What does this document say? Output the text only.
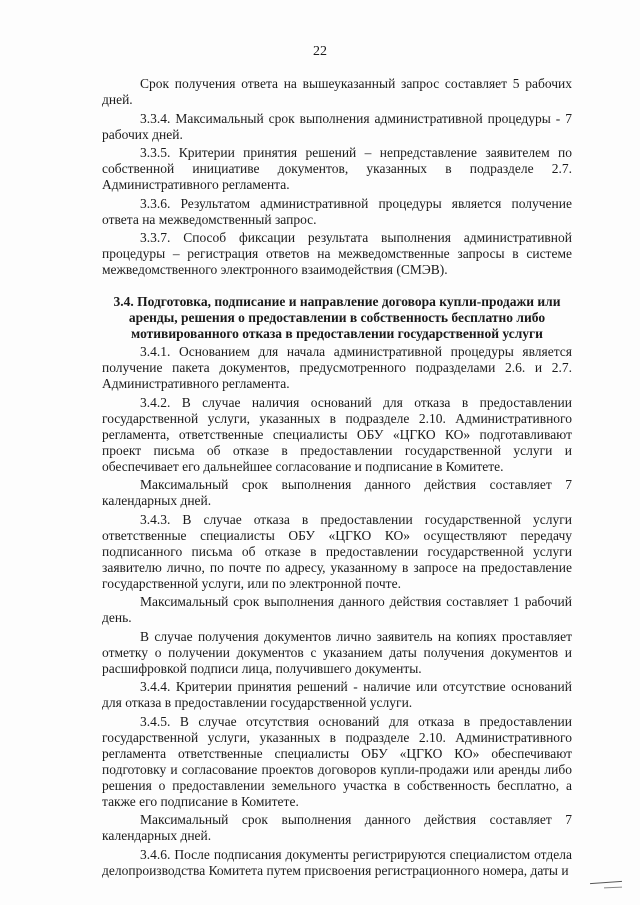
22

Срок получения ответа на вышеуказанный запрос составляет 5 рабочих дней.

3.3.4. Максимальный срок выполнения административной процедуры - 7 рабочих дней.

3.3.5. Критерии принятия решений – непредставление заявителем по собственной инициативе документов, указанных в подразделе 2.7. Административного регламента.

3.3.6. Результатом административной процедуры является получение ответа на межведомственный запрос.

3.3.7. Способ фиксации результата выполнения административной процедуры – регистрация ответов на межведомственные запросы в системе межведомственного электронного взаимодействия (СМЭВ).

3.4. Подготовка, подписание и направление договора купли-продажи или аренды, решения о предоставлении в собственность бесплатно либо мотивированного отказа в предоставлении государственной услуги

3.4.1. Основанием для начала административной процедуры является получение пакета документов, предусмотренного подразделами 2.6. и 2.7. Административного регламента.

3.4.2. В случае наличия оснований для отказа в предоставлении государственной услуги, указанных в подразделе 2.10. Административного регламента, ответственные специалисты ОБУ «ЦГКО КО» подготавливают проект письма об отказе в предоставлении государственной услуги и обеспечивает его дальнейшее согласование и подписание в Комитете.

Максимальный срок выполнения данного действия составляет 7 календарных дней.

3.4.3. В случае отказа в предоставлении государственной услуги ответственные специалисты ОБУ «ЦГКО КО» осуществляют передачу подписанного письма об отказе в предоставлении государственной услуги заявителю лично, по почте по адресу, указанному в запросе на предоставление государственной услуги, или по электронной почте.

Максимальный срок выполнения данного действия составляет 1 рабочий день.

В случае получения документов лично заявитель на копиях проставляет отметку о получении документов с указанием даты получения документов и расшифровкой подписи лица, получившего документы.

3.4.4. Критерии принятия решений - наличие или отсутствие оснований для отказа в предоставлении государственной услуги.

3.4.5. В случае отсутствия оснований для отказа в предоставлении государственной услуги, указанных в подразделе 2.10. Административного регламента ответственные специалисты ОБУ «ЦГКО КО» обеспечивают подготовку и согласование проектов договоров купли-продажи или аренды либо решения о предоставлении земельного участка в собственность бесплатно, а также его подписание в Комитете.

Максимальный срок выполнения данного действия составляет 7 календарных дней.

3.4.6. После подписания документы регистрируются специалистом отдела делопроизводства Комитета путем присвоения регистрационного номера, даты и
